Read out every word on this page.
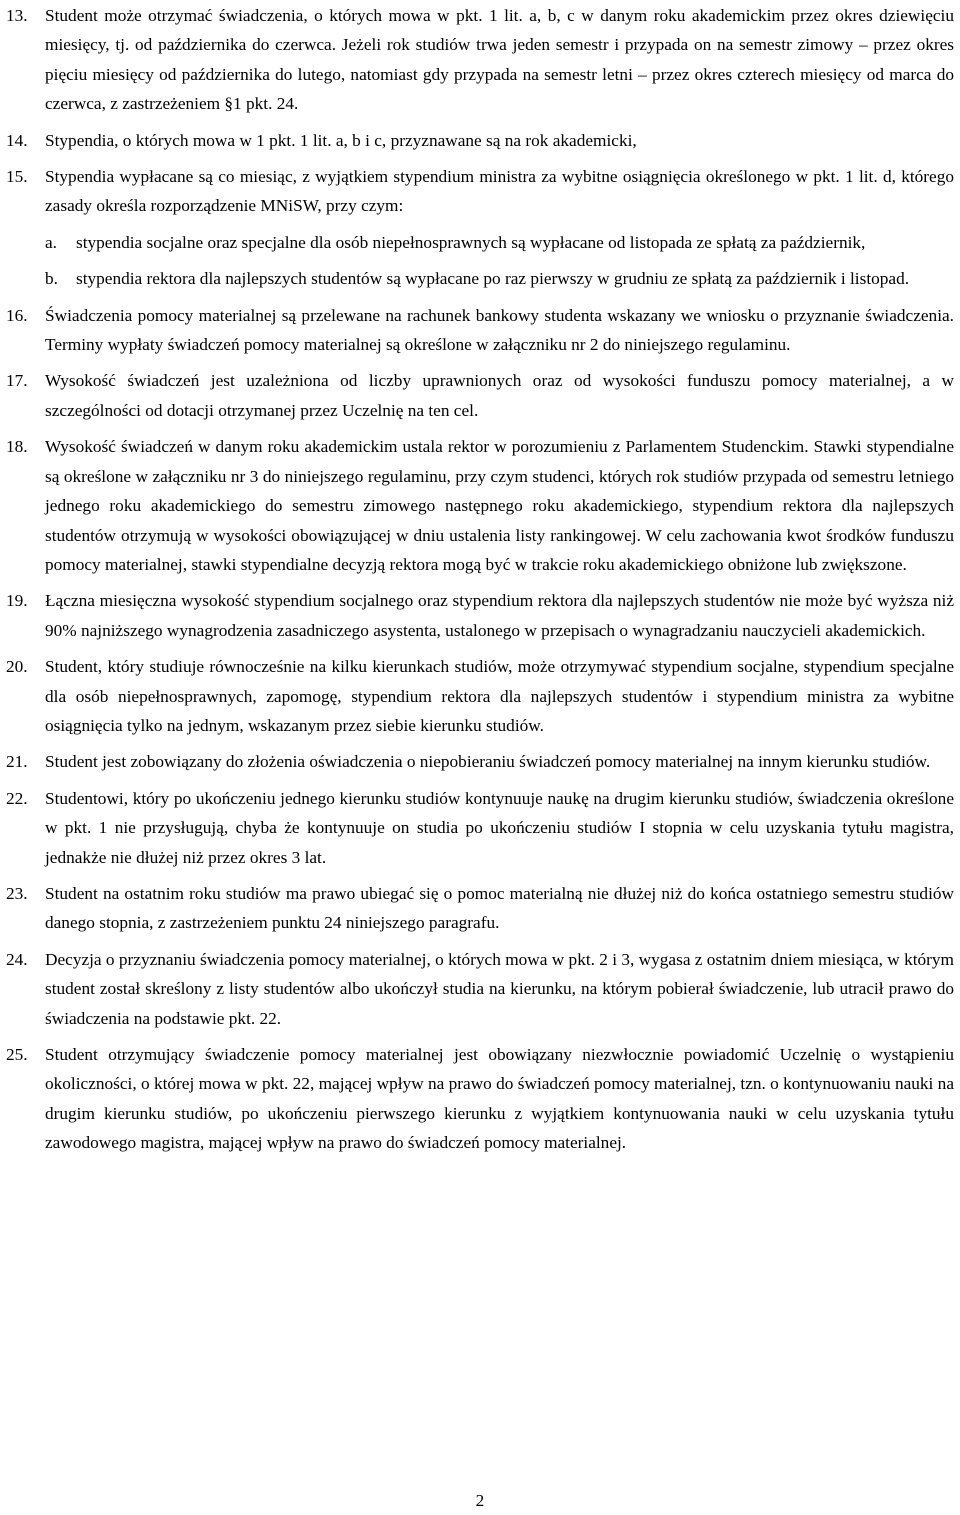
13.	Student może otrzymać świadczenia, o których mowa w pkt. 1 lit. a, b, c w danym roku akademickim przez okres dziewięciu miesięcy, tj. od października do czerwca. Jeżeli rok studiów trwa jeden semestr i przypada on na semestr zimowy – przez okres pięciu miesięcy od października do lutego, natomiast gdy przypada na semestr letni – przez okres czterech miesięcy od marca do czerwca, z zastrzeżeniem §1 pkt. 24.
14.	Stypendia, o których mowa w 1 pkt. 1 lit. a, b i c, przyznawane są na rok akademicki,
15.	Stypendia wypłacane są co miesiąc, z wyjątkiem stypendium ministra za wybitne osiągnięcia określonego w pkt. 1 lit. d, którego zasady określa rozporządzenie MNiSW, przy czym:
a.	stypendia socjalne oraz specjalne dla osób niepełnosprawnych są wypłacane od listopada ze spłatą za październik,
b.	stypendia rektora dla najlepszych studentów są wypłacane po raz pierwszy w grudniu ze spłatą za październik i listopad.
16.	Świadczenia pomocy materialnej są przelewane na rachunek bankowy studenta wskazany we wniosku o przyznanie świadczenia. Terminy wypłaty świadczeń pomocy materialnej są określone w załączniku nr 2 do niniejszego regulaminu.
17.	Wysokość świadczeń jest uzależniona od liczby uprawnionych oraz od wysokości funduszu pomocy materialnej, a w szczególności od dotacji otrzymanej przez Uczelnię na ten cel.
18.	Wysokość świadczeń w danym roku akademickim ustala rektor w porozumieniu z Parlamentem Studenckim. Stawki stypendialne są określone w załączniku nr 3 do niniejszego regulaminu, przy czym studenci, których rok studiów przypada od semestru letniego jednego roku akademickiego do semestru zimowego następnego roku akademickiego, stypendium rektora dla najlepszych studentów otrzymują w wysokości obowiązującej w dniu ustalenia listy rankingowej. W celu zachowania kwot środków funduszu pomocy materialnej, stawki stypendialne decyzją rektora mogą być w trakcie roku akademickiego obniżone lub zwiększone.
19.	Łączna miesięczna wysokość stypendium socjalnego oraz stypendium rektora dla najlepszych studentów nie może być wyższa niż 90% najniższego wynagrodzenia zasadniczego asystenta, ustalonego w przepisach o wynagradzaniu nauczycieli akademickich.
20.	Student, który studiuje równocześnie na kilku kierunkach studiów, może otrzymywać stypendium socjalne, stypendium specjalne dla osób niepełnosprawnych, zapomogę, stypendium rektora dla najlepszych studentów i stypendium ministra za wybitne osiągnięcia tylko na jednym, wskazanym przez siebie kierunku studiów.
21.	Student jest zobowiązany do złożenia oświadczenia o niepobieraniu świadczeń pomocy materialnej na innym kierunku studiów.
22.	Studentowi, który po ukończeniu jednego kierunku studiów kontynuuje naukę na drugim kierunku studiów, świadczenia określone w pkt. 1 nie przysługują, chyba że kontynuuje on studia po ukończeniu studiów I stopnia w celu uzyskania tytułu magistra, jednakże nie dłużej niż przez okres 3 lat.
23.	Student na ostatnim roku studiów ma prawo ubiegać się o pomoc materialną nie dłużej niż do końca ostatniego semestru studiów danego stopnia, z zastrzeżeniem punktu 24 niniejszego paragrafu.
24.	Decyzja o przyznaniu świadczenia pomocy materialnej, o których mowa w pkt. 2 i 3, wygasa z ostatnim dniem miesiąca, w którym student został skreślony z listy studentów albo ukończył studia na kierunku, na którym pobierał świadczenie, lub utracił prawo do świadczenia na podstawie pkt. 22.
25.	Student otrzymujący świadczenie pomocy materialnej jest obowiązany niezwłocznie powiadomić Uczelnię o wystąpieniu okoliczności, o której mowa w pkt. 22, mającej wpływ na prawo do świadczeń pomocy materialnej, tzn. o kontynuowaniu nauki na drugim kierunku studiów, po ukończeniu pierwszego kierunku z wyjątkiem kontynuowania nauki w celu uzyskania tytułu zawodowego magistra, mającej wpływ na prawo do świadczeń pomocy materialnej.
2
